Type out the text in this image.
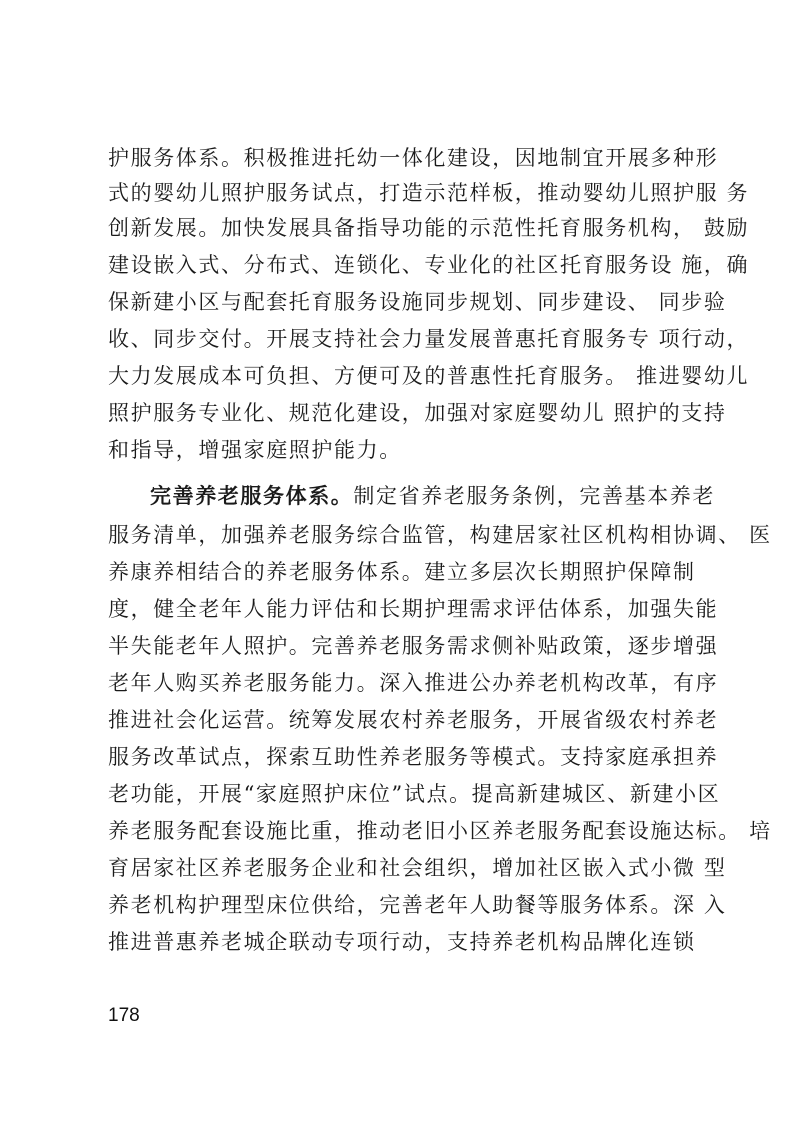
护服务体系。积极推进托幼一体化建设，因地制宜开展多种形
式的婴幼儿照护服务试点，打造示范样板，推动婴幼儿照护服 务
创新发展。加快发展具备指导功能的示范性托育服务机构， 鼓励
建设嵌入式、分布式、连锁化、专业化的社区托育服务设 施，确
保新建小区与配套托育服务设施同步规划、同步建设、 同步验
收、同步交付。开展支持社会力量发展普惠托育服务专 项行动，
大力发展成本可负担、方便可及的普惠性托育服务。 推进婴幼儿
照护服务专业化、规范化建设，加强对家庭婴幼儿 照护的支持
和指导，增强家庭照护能力。
完善养老服务体系。制定省养老服务条例，完善基本养老
服务清单，加强养老服务综合监管，构建居家社区机构相协调、 医
养康养相结合的养老服务体系。建立多层次长期照护保障制
度，健全老年人能力评估和长期护理需求评估体系，加强失能
半失能老年人照护。完善养老服务需求侧补贴政策，逐步增强
老年人购买养老服务能力。深入推进公办养老机构改革，有序
推进社会化运营。统筹发展农村养老服务，开展省级农村养老
服务改革试点，探索互助性养老服务等模式。支持家庭承担养
老功能，开展“家庭照护床位”试点。提高新建城区、新建小区
养老服务配套设施比重，推动老旧小区养老服务配套设施达标。 培
育居家社区养老服务企业和社会组织，增加社区嵌入式小微 型
养老机构护理型床位供给，完善老年人助餐等服务体系。深 入
推进普惠养老城企联动专项行动，支持养老机构品牌化连锁
178
